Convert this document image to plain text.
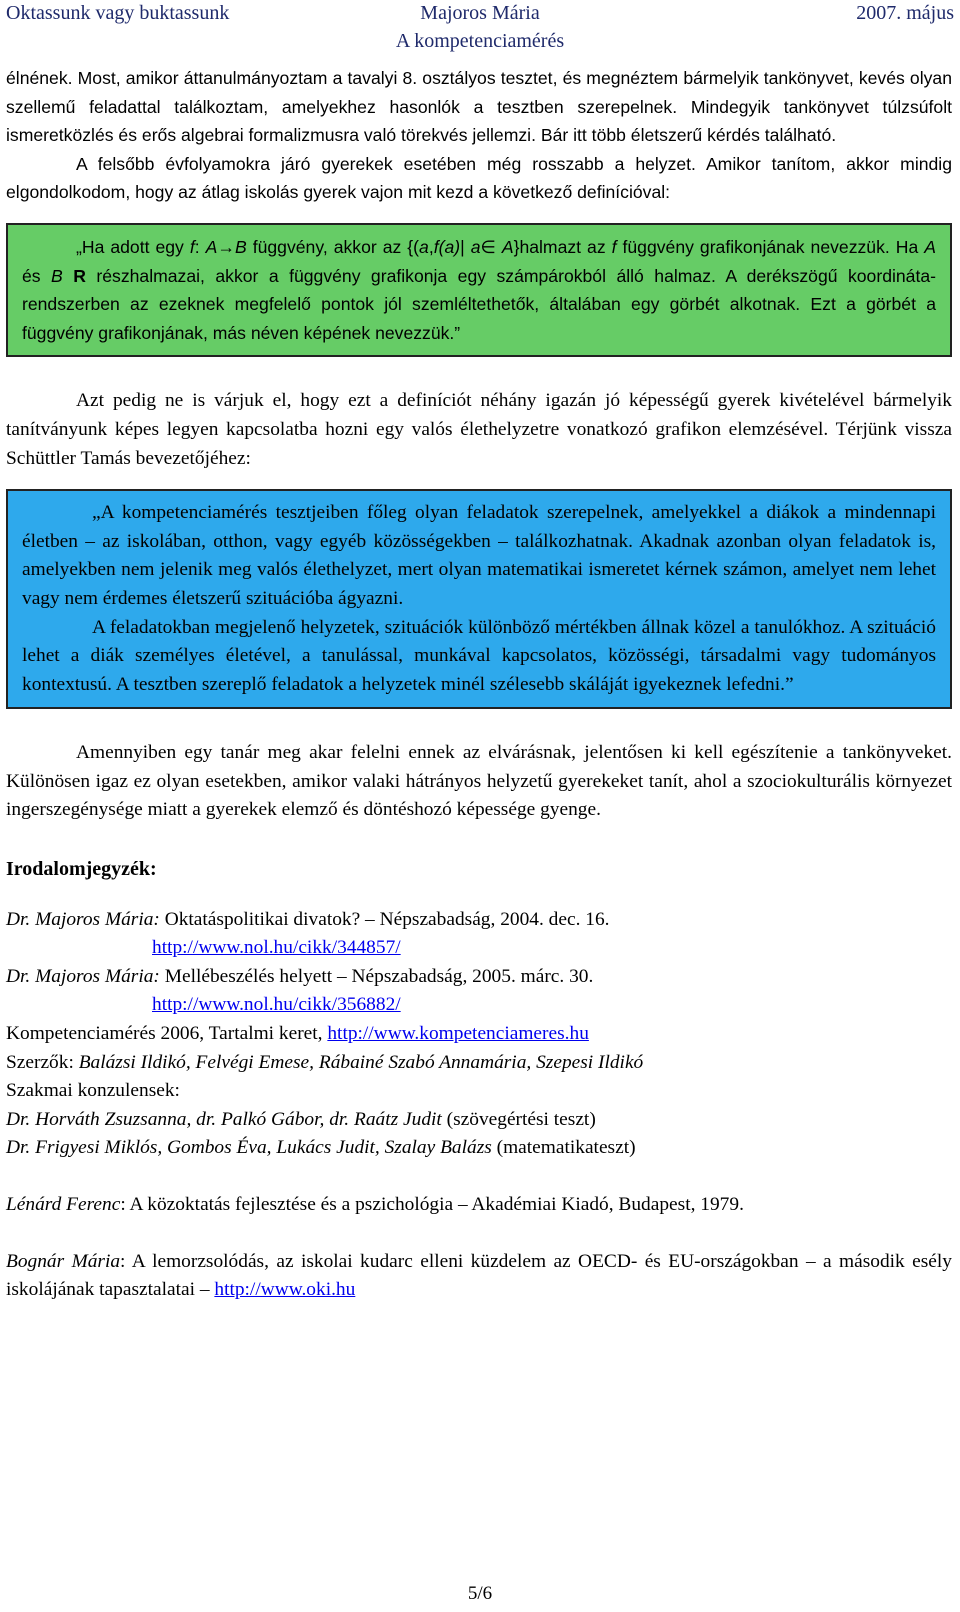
Oktassunk vagy buktassunk	Majoros Mária
A kompetenciamérés
2007. május

élnének. Most, amikor áttanulmányoztam a tavalyi 8. osztályos tesztet, és megnéztem bármelyik tankönyvet, kevés olyan szellemű feladattal találkoztam, amelyekhez hasonlók a tesztben szerepelnek. Mindegyik tankönyvet túlzsúfolt ismeretközlés és erős algebrai formalizmusra való törekvés jellemzi. Bár itt több életszerű kérdés található.

A felsőbb évfolyamokra járó gyerekek esetében még rosszabb a helyzet. Amikor tanítom, akkor mindig elgondolkodom, hogy az átlag iskolás gyerek vajon mit kezd a következő definícióval:

„Ha adott egy f: A→B függvény, akkor az {(a,f(a)| a∈ A}halmazt az f függvény grafikonjának nevezzük. Ha A és B R részhalmazai, akkor a függvény grafikonja egy számpárokból álló halmaz. A derékszögű koordináta-rendszerben az ezeknek megfelelő pontok jól szemléltethetők, általában egy görbét alkotnak. Ezt a görbét a függvény grafikonjának, más néven képének nevezzük.”

Azt pedig ne is várjuk el, hogy ezt a definíciót néhány igazán jó képességű gyerek kivételével bármelyik tanítványunk képes legyen kapcsolatba hozni egy valós élethelyzetre vonatkozó grafikon elemzésével. Térjünk vissza Schüttler Tamás bevezetőjéhez:

„A kompetenciamérés tesztjeiben főleg olyan feladatok szerepelnek, amelyekkel a diákok a mindennapi életben – az iskolában, otthon, vagy egyéb közösségekben – találkozhatnak. Akadnak azonban olyan feladatok is, amelyekben nem jelenik meg valós élethelyzet, mert olyan matematikai ismeretet kérnek számon, amelyet nem lehet vagy nem érdemes életszerű szituációba ágyazni.

A feladatokban megjelenő helyzetek, szituációk különböző mértékben állnak közel a tanulókhoz. A szituáció lehet a diák személyes életével, a tanulással, munkával kapcsolatos, közösségi, társadalmi vagy tudományos kontextusú. A tesztben szereplő feladatok a helyzetek minél szélesebb skáláját igyekeznek lefedni.”

Amennyiben egy tanár meg akar felelni ennek az elvárásnak, jelentősen ki kell egészítenie a tankönyveket. Különösen igaz ez olyan esetekben, amikor valaki hátrányos helyzetű gyerekeket tanít, ahol a szociokulturális környezet ingerszegénysége miatt a gyerekek elemző és döntéshozó képessége gyenge.

Irodalomjegyzék:
Dr. Majoros Mária: Oktatáspolitikai divatok? – Népszabadság, 2004. dec. 16.
http://www.nol.hu/cikk/344857/
Dr. Majoros Mária: Mellébeszélés helyett – Népszabadság, 2005. márc. 30.
http://www.nol.hu/cikk/356882/
Kompetenciamérés 2006, Tartalmi keret, http://www.kompetenciameres.hu
Szerzők: Balázsi Ildikó, Felvégi Emese, Rábainé Szabó Annamária, Szepesi Ildikó
Szakmai konzulensek:
Dr. Horváth Zsuzsanna, dr. Palkó Gábor, dr. Raátz Judit (szövegértési teszt)
Dr. Frigyesi Miklós, Gombos Éva, Lukács Judit, Szalay Balázs (matematikateszt)

Lénárd Ferenc: A közoktatás fejlesztése és a pszichológia – Akadémiai Kiadó, Budapest, 1979.

Bognár Mária: A lemorzsolódás, az iskolai kudarc elleni küzdelem az OECD- és EU-országokban – a második esély iskolájának tapasztalatai – http://www.oki.hu

5/6
